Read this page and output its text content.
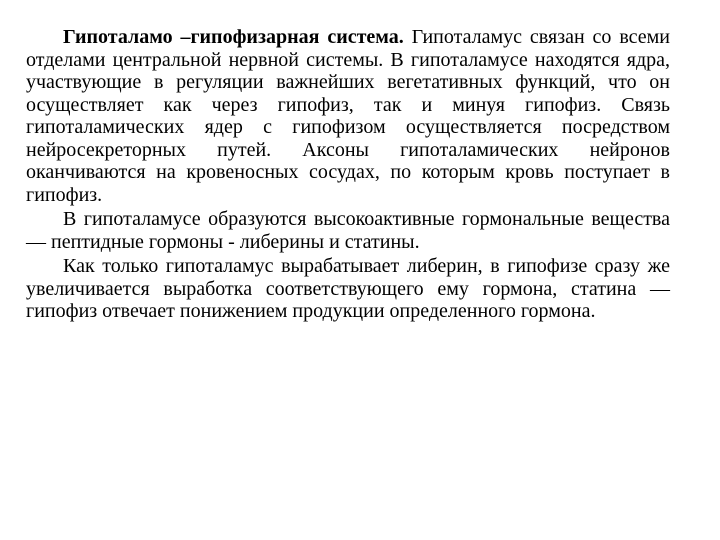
Гипоталамо –гипофизарная система. Гипоталамус связан со всеми отделами центральной нервной системы. В гипоталамусе находятся ядра, участвующие в регуляции важнейших вегетативных функций, что он осуществляет как через гипофиз, так и минуя гипофиз. Связь гипоталамических ядер с гипофизом осуществляется посредством нейросекреторных путей. Аксоны гипоталамических нейронов оканчиваются на кровеносных сосудах, по которым кровь поступает в гипофиз.

В гипоталамусе образуются высокоактивные гормональные вещества — пептидные гормоны - либерины и статины.

Как только гипоталамус вырабатывает либерин, в гипофизе сразу же увеличивается выработка соответствующего ему гормона, статина — гипофиз отвечает понижением продукции определенного гормона.
